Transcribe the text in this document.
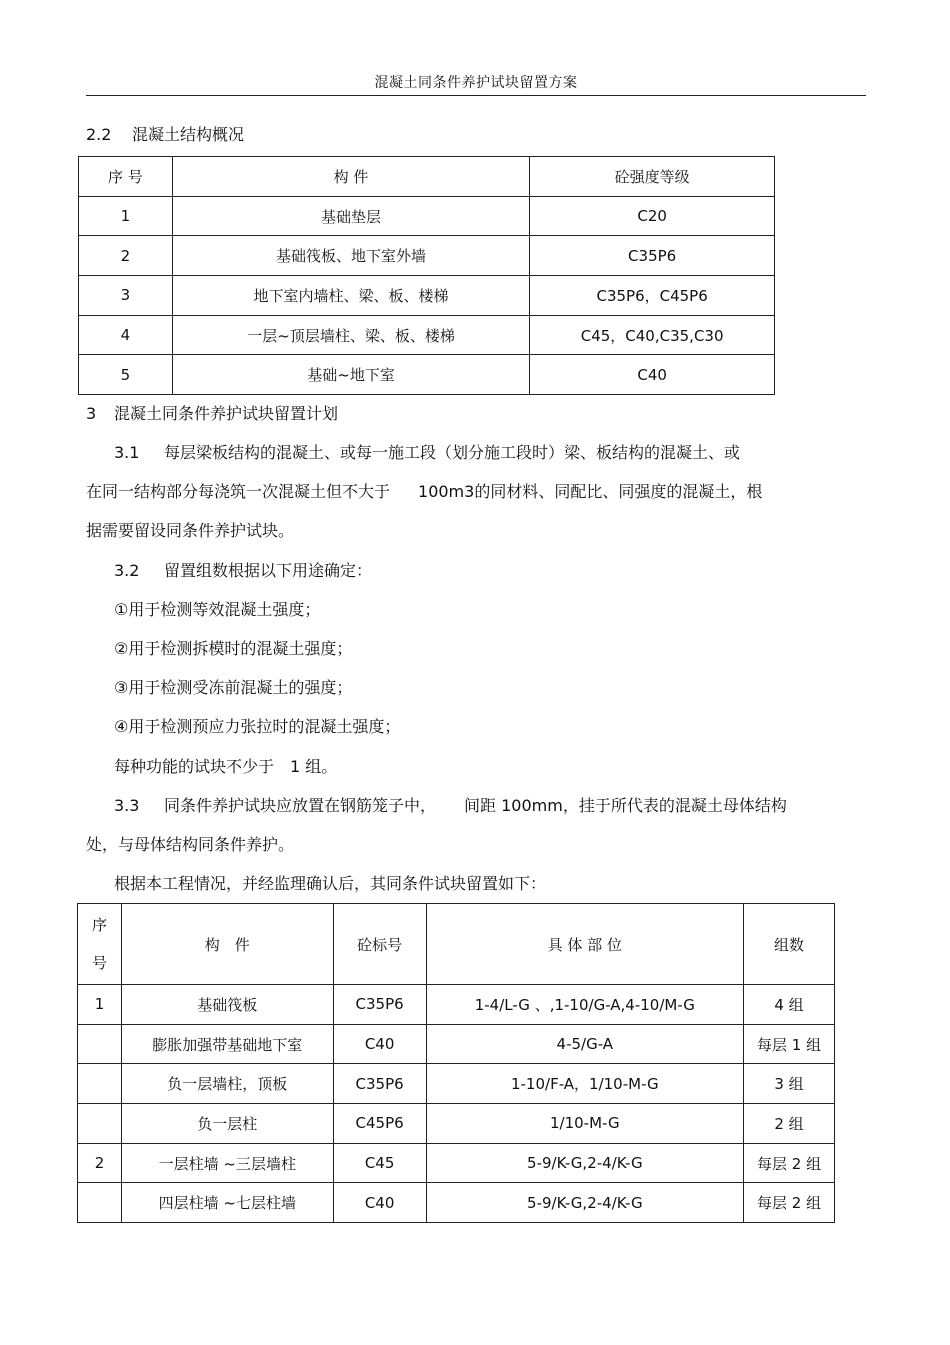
混凝土同条件养护试块留置方案
2.2 混凝土结构概况
序 号	构 件	砼强度等级
1	基础垫层	C20
2	基础筏板、地下室外墙	C35P6
3	地下室内墙柱、梁、板、楼梯	C35P6，C45P6
4	一层~顶层墙柱、梁、板、楼梯	C45，C40,C35,C30
5	基础~地下室	C40
3 混凝土同条件养护试块留置计划
3.1 每层梁板结构的混凝土、或每一施工段（划分施工段时）梁、板结构的混凝土、或
在同一结构部分每浇筑一次混凝土但不大于 100m3的同材料、同配比、同强度的混凝土，根
据需要留设同条件养护试块。
3.2 留置组数根据以下用途确定：
①用于检测等效混凝土强度；
②用于检测拆模时的混凝土强度；
③用于检测受冻前混凝土的强度；
④用于检测预应力张拉时的混凝土强度；
每种功能的试块不少于　1 组。
3.3 同条件养护试块应放置在钢筋笼子中， 间距 100mm，挂于所代表的混凝土母体结构
处，与母体结构同条件养护。
根据本工程情况，并经监理确认后，其同条件试块留置如下：
序
号	构　件	砼标号	具 体 部 位	组数
1	基础筏板	C35P6	1-4/L-G 、,1-10/G-A,4-10/M-G	4 组
	膨胀加强带基础地下室	C40	4-5/G-A	每层 1 组
	负一层墙柱，顶板	C35P6	1-10/F-A，1/10-M-G	3 组
	负一层柱	C45P6	1/10-M-G	2 组
2	一层柱墙 ~三层墙柱	C45	5-9/K-G,2-4/K-G	每层 2 组
	四层柱墙 ~七层柱墙	C40	5-9/K-G,2-4/K-G	每层 2 组
